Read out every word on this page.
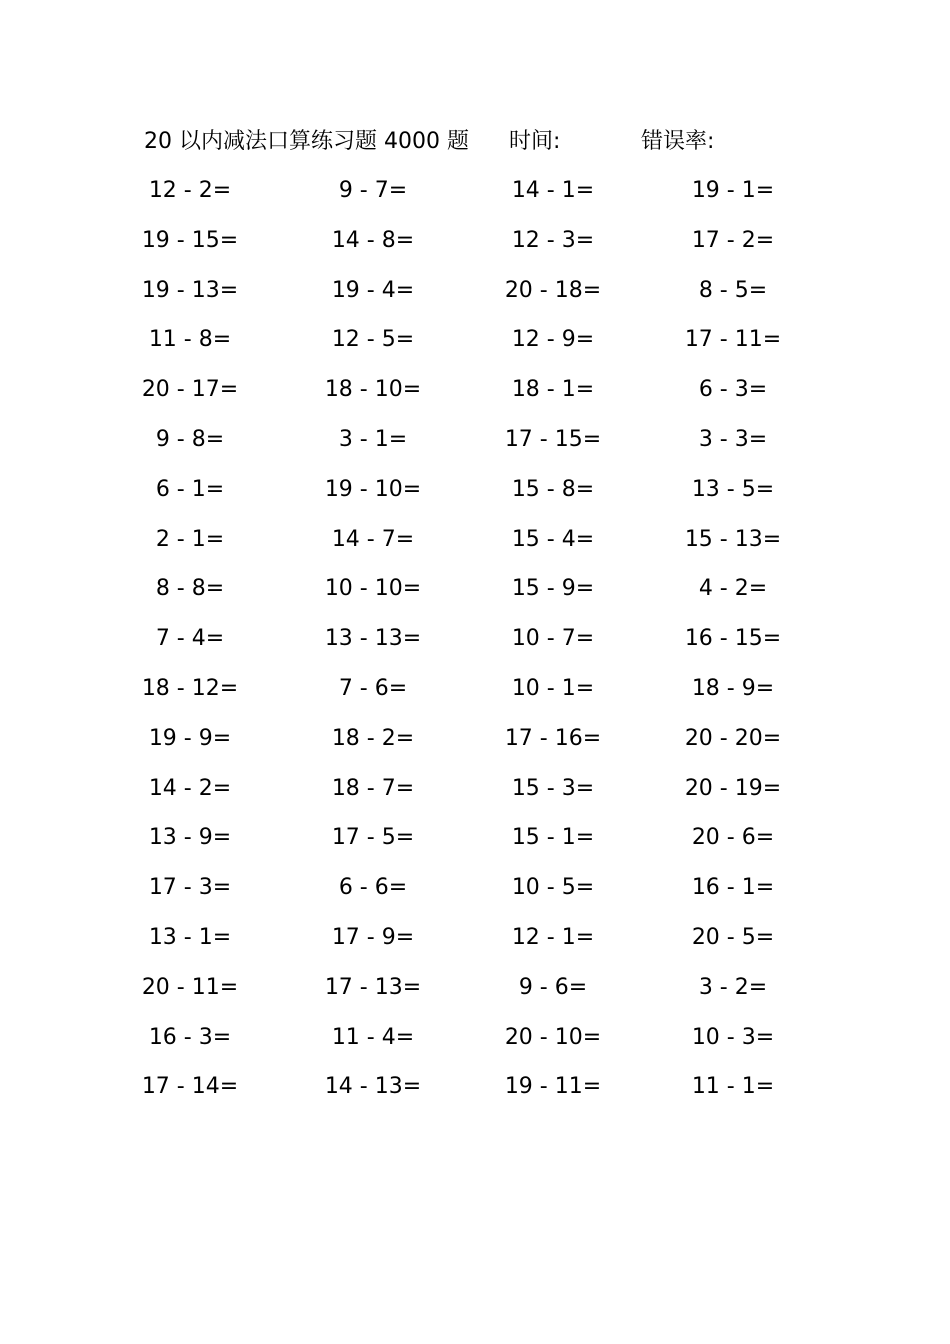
20 以内减法口算练习题 4000 题 时间:	错误率:
12 - 2=	9 - 7=	14 - 1=	19 - 1=
19 - 15=	14 - 8=	12 - 3=	17 - 2=
19 - 13=	19 - 4=	20 - 18=	8 - 5=
11 - 8=	12 - 5=	12 - 9=	17 - 11=
20 - 17=	18 - 10=	18 - 1=	6 - 3=
9 - 8=	3 - 1=	17 - 15=	3 - 3=
6 - 1=	19 - 10=	15 - 8=	13 - 5=
2 - 1=	14 - 7=	15 - 4=	15 - 13=
8 - 8=	10 - 10=	15 - 9=	4 - 2=
7 - 4=	13 - 13=	10 - 7=	16 - 15=
18 - 12=	7 - 6=	10 - 1=	18 - 9=
19 - 9=	18 - 2=	17 - 16=	20 - 20=
14 - 2=	18 - 7=	15 - 3=	20 - 19=
13 - 9=	17 - 5=	15 - 1=	20 - 6=
17 - 3=	6 - 6=	10 - 5=	16 - 1=
13 - 1=	17 - 9=	12 - 1=	20 - 5=
20 - 11=	17 - 13=	9 - 6=	3 - 2=
16 - 3=	11 - 4=	20 - 10=	10 - 3=
17 - 14=	14 - 13=	19 - 11=	11 - 1=
